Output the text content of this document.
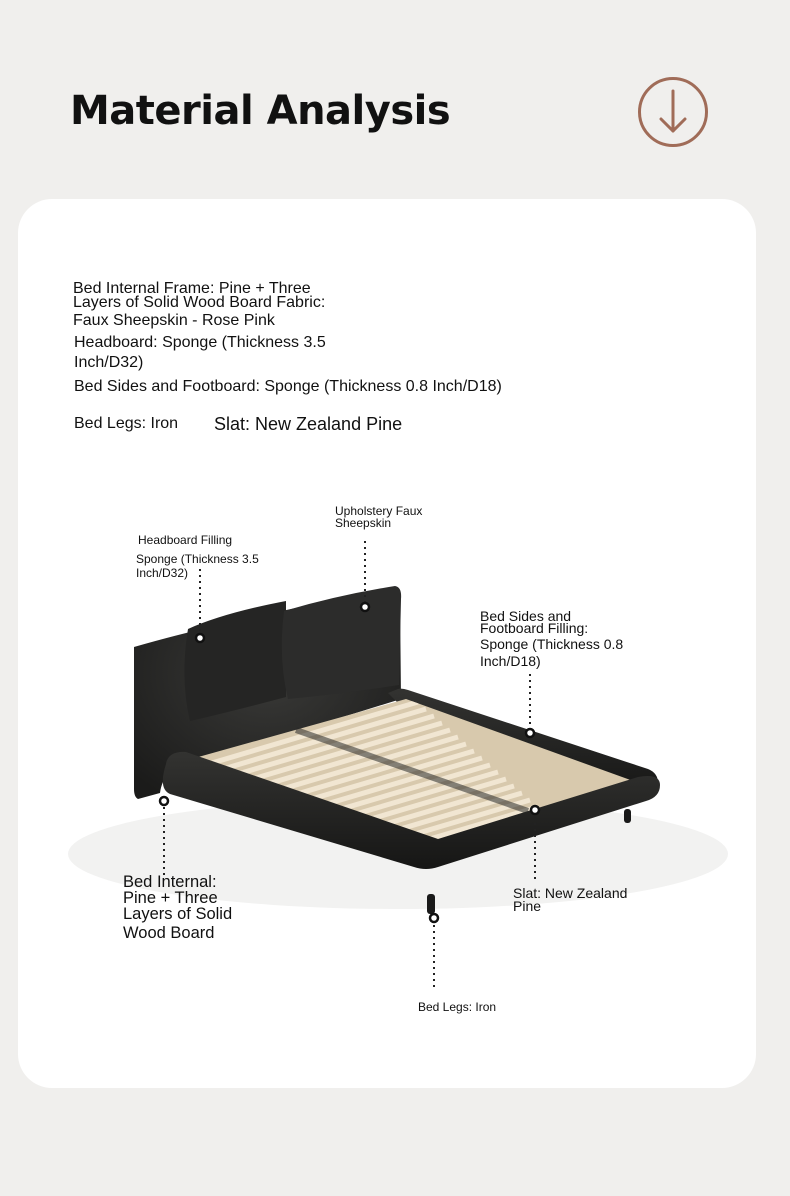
Material Analysis
Bed Internal Frame: Pine + Three
Layers of Solid Wood Board Fabric:
Faux Sheepskin - Rose Pink
Headboard: Sponge (Thickness 3.5
Inch/D32)
Bed Sides and Footboard: Sponge (Thickness 0.8 Inch/D18)
Bed Legs: Iron Slat: New Zealand Pine
Headboard Filling
Sponge (Thickness 3.5
Inch/D32)
Upholstery Faux
Sheepskin
Bed Sides and
Footboard Filling:
Sponge (Thickness 0.8
Inch/D18)
Bed Internal:
Pine + Three
Layers of Solid
Wood Board
Slat: New Zealand
Pine
Bed Legs: Iron
